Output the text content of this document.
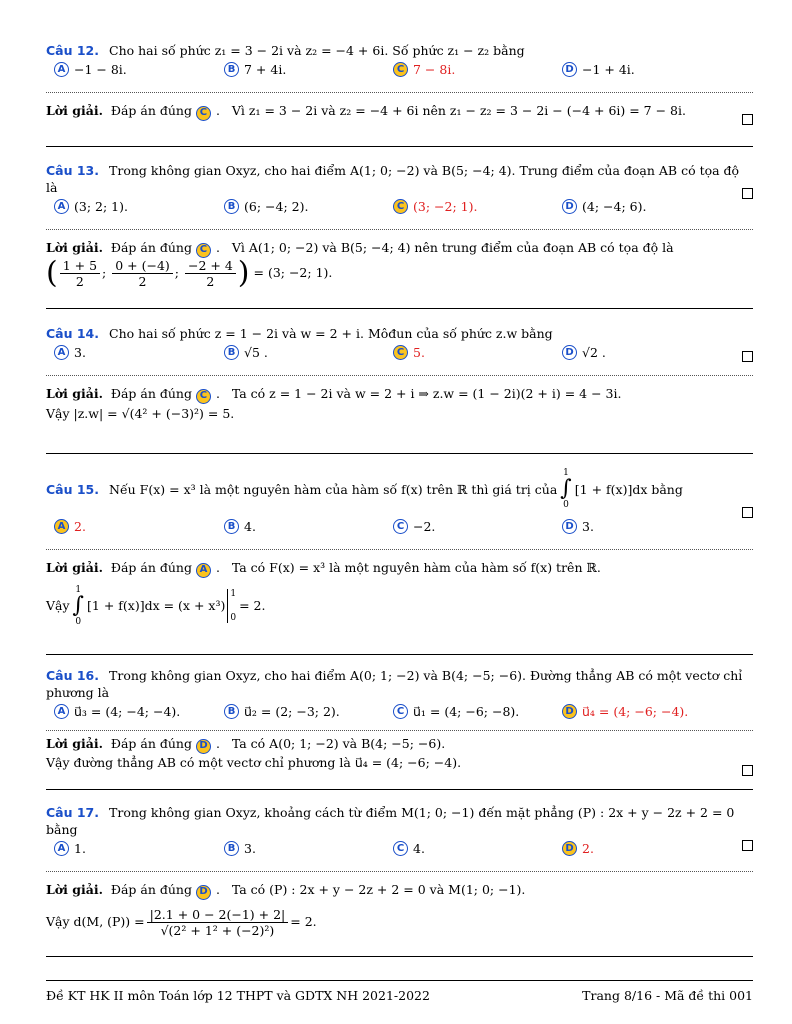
Câu 12. Cho hai số phức z₁ = 3 − 2i và z₂ = −4 + 6i. Số phức z₁ − z₂ bằng
A −1 − 8i.	B 7 + 4i.	C 7 − 8i.	D −1 + 4i.
Lời giải. Đáp án đúng C .   Vì z₁ = 3 − 2i và z₂ = −4 + 6i nên z₁ − z₂ = 3 − 2i − (−4 + 6i) = 7 − 8i.
Câu 13. Trong không gian Oxyz, cho hai điểm A(1; 0; −2) và B(5; −4; 4). Trung điểm của đoạn AB có tọa độ là
A (3; 2; 1).	B (6; −4; 2).	C (3; −2; 1).	D (4; −4; 6).
Lời giải. Đáp án đúng C .   Vì A(1; 0; −2) và B(5; −4; 4) nên trung điểm của đoạn AB có tọa độ là
( $\frac{1 + 5}{2}$ ; $\frac{0 + (-4)}{2}$ ; $\frac{-2 + 4}{2}$ ) = (3; −2; 1).
Câu 14. Cho hai số phức z = 1 − 2i và w = 2 + i. Môđun của số phức z.w bằng
A 3.	B √5 .	C 5.	D √2 .
Lời giải. Đáp án đúng C .   Ta có z = 1 − 2i và w = 2 + i ⇒ z.w = (1 − 2i)(2 + i) = 4 − 3i.
Vậy |z.w| = √(4² + (−3)²) = 5.
Câu 15. Nếu F(x) = x³ là một nguyên hàm của hàm số f(x) trên ℝ thì giá trị của
1
∫
0
[1 + f(x)]dx bằng
A 2.	B 4.	C −2.	D 3.
Lời giải. Đáp án đúng A .   Ta có F(x) = x³ là một nguyên hàm của hàm số f(x) trên ℝ.
Vậy
1
∫
0
[1 + f(x)]dx = (x + x³)
1
0
= 2.
Câu 16. Trong không gian Oxyz, cho hai điểm A(0; 1; −2) và B(4; −5; −6). Đường thẳng AB có một vectơ chỉ phương là
A u⃗₃ = (4; −4; −4).	B u⃗₂ = (2; −3; 2).	C u⃗₁ = (4; −6; −8).	D u⃗₄ = (4; −6; −4).
Lời giải. Đáp án đúng D .   Ta có A(0; 1; −2) và B(4; −5; −6).
Vậy đường thẳng AB có một vectơ chỉ phương là u⃗₄ = (4; −6; −4).
Câu 17. Trong không gian Oxyz, khoảng cách từ điểm M(1; 0; −1) đến mặt phẳng (P) : 2x + y − 2z + 2 = 0 bằng
A 1.	B 3.	C 4.	D 2.
Lời giải. Đáp án đúng D .   Ta có (P) : 2x + y − 2z + 2 = 0 và M(1; 0; −1).
Vậy d(M, $(P)) = \frac{|2.1 + 0 - 2(-1) + 2|}{\text{√(2² + 1² + (−2)²)}} = 2$.
Đề KT HK II môn Toán lớp 12 THPT và GDTX NH 2021-2022	Trang 8/16 - Mã đề thi 001
